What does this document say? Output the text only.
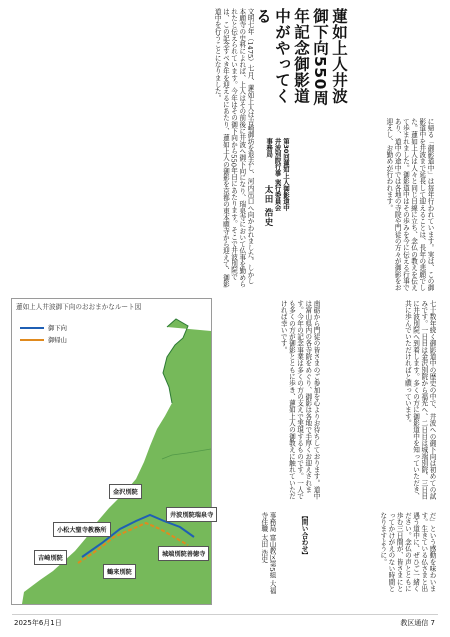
蓮如上人井波御下向550周年記念御影道中がやってくる
第30回蓮如上人御影道中 井波別院行事 実行委員会 事務局
太田 浩史
文明七年（1475）七月、蓮如上人は吉崎御坊を退去し、河内出口へ向かわれました。しかし本願寺の史料によれば、上人はその前後に井波へ御下向になり、瑞泉寺において仏事を勤められたと伝えられています。今年はその御下向から550年目にあたります。そこで井波別院では、この記念すべき年を迎えるにあたり、蓮如上人の御影を京都の東本願寺から迎えて、御影道中を行うことになりました。
に帰る「御影道中」は毎年行われています。実は、この御影道中を井波まで延長して迎えることは、長年の悲願でした。蓮如上人は人々と同じ目線に立ち、念仏の教えを伝えて歩まれました。御影道中はその歩みを今に伝える行事であり、道中の途中では各地の寺院や門徒の方々が御影をお迎えし、お勤めが行われます。
南砺から門徒の皆さまのご参加を心よりお待ちしております。道中は富山県内の各寺院をめぐり、御影は各地で手厚くお迎えされます。今年の記念事業は多くの方の支えで実現するものです。一人でも多くの方が御影とともに歩き、蓮如上人の御教えに触れていただければ幸いです。	七十数年続く御影道中の歴史の中で、井波への御下向は初めての試みです。一日目は金沢別院から福光へ、二日目は城端別院、三日目に井波別院へ到着します。多くの方に御影道中を知っていただき、共に歩んでいただければと願っています。
だ」という感動を味わいます。生きている仏さまと出遇う道中に、ぜひご一緒ください。念仏の声とともに歩む三日間が、皆さまにとってかけがえのない時間となりますように。
【問い合わせ】
事務局 富山教区第5組 大福寺住職 太田 浩史
蓮如上人井波御下向のおおまかなルート図
御下向
御帰山
金沢別院
小松大聖寺教務所
井波別院瑞泉寺
城端別院善徳寺
吉崎別院
鶴来別院
2025年6月1日	教区通信 7
